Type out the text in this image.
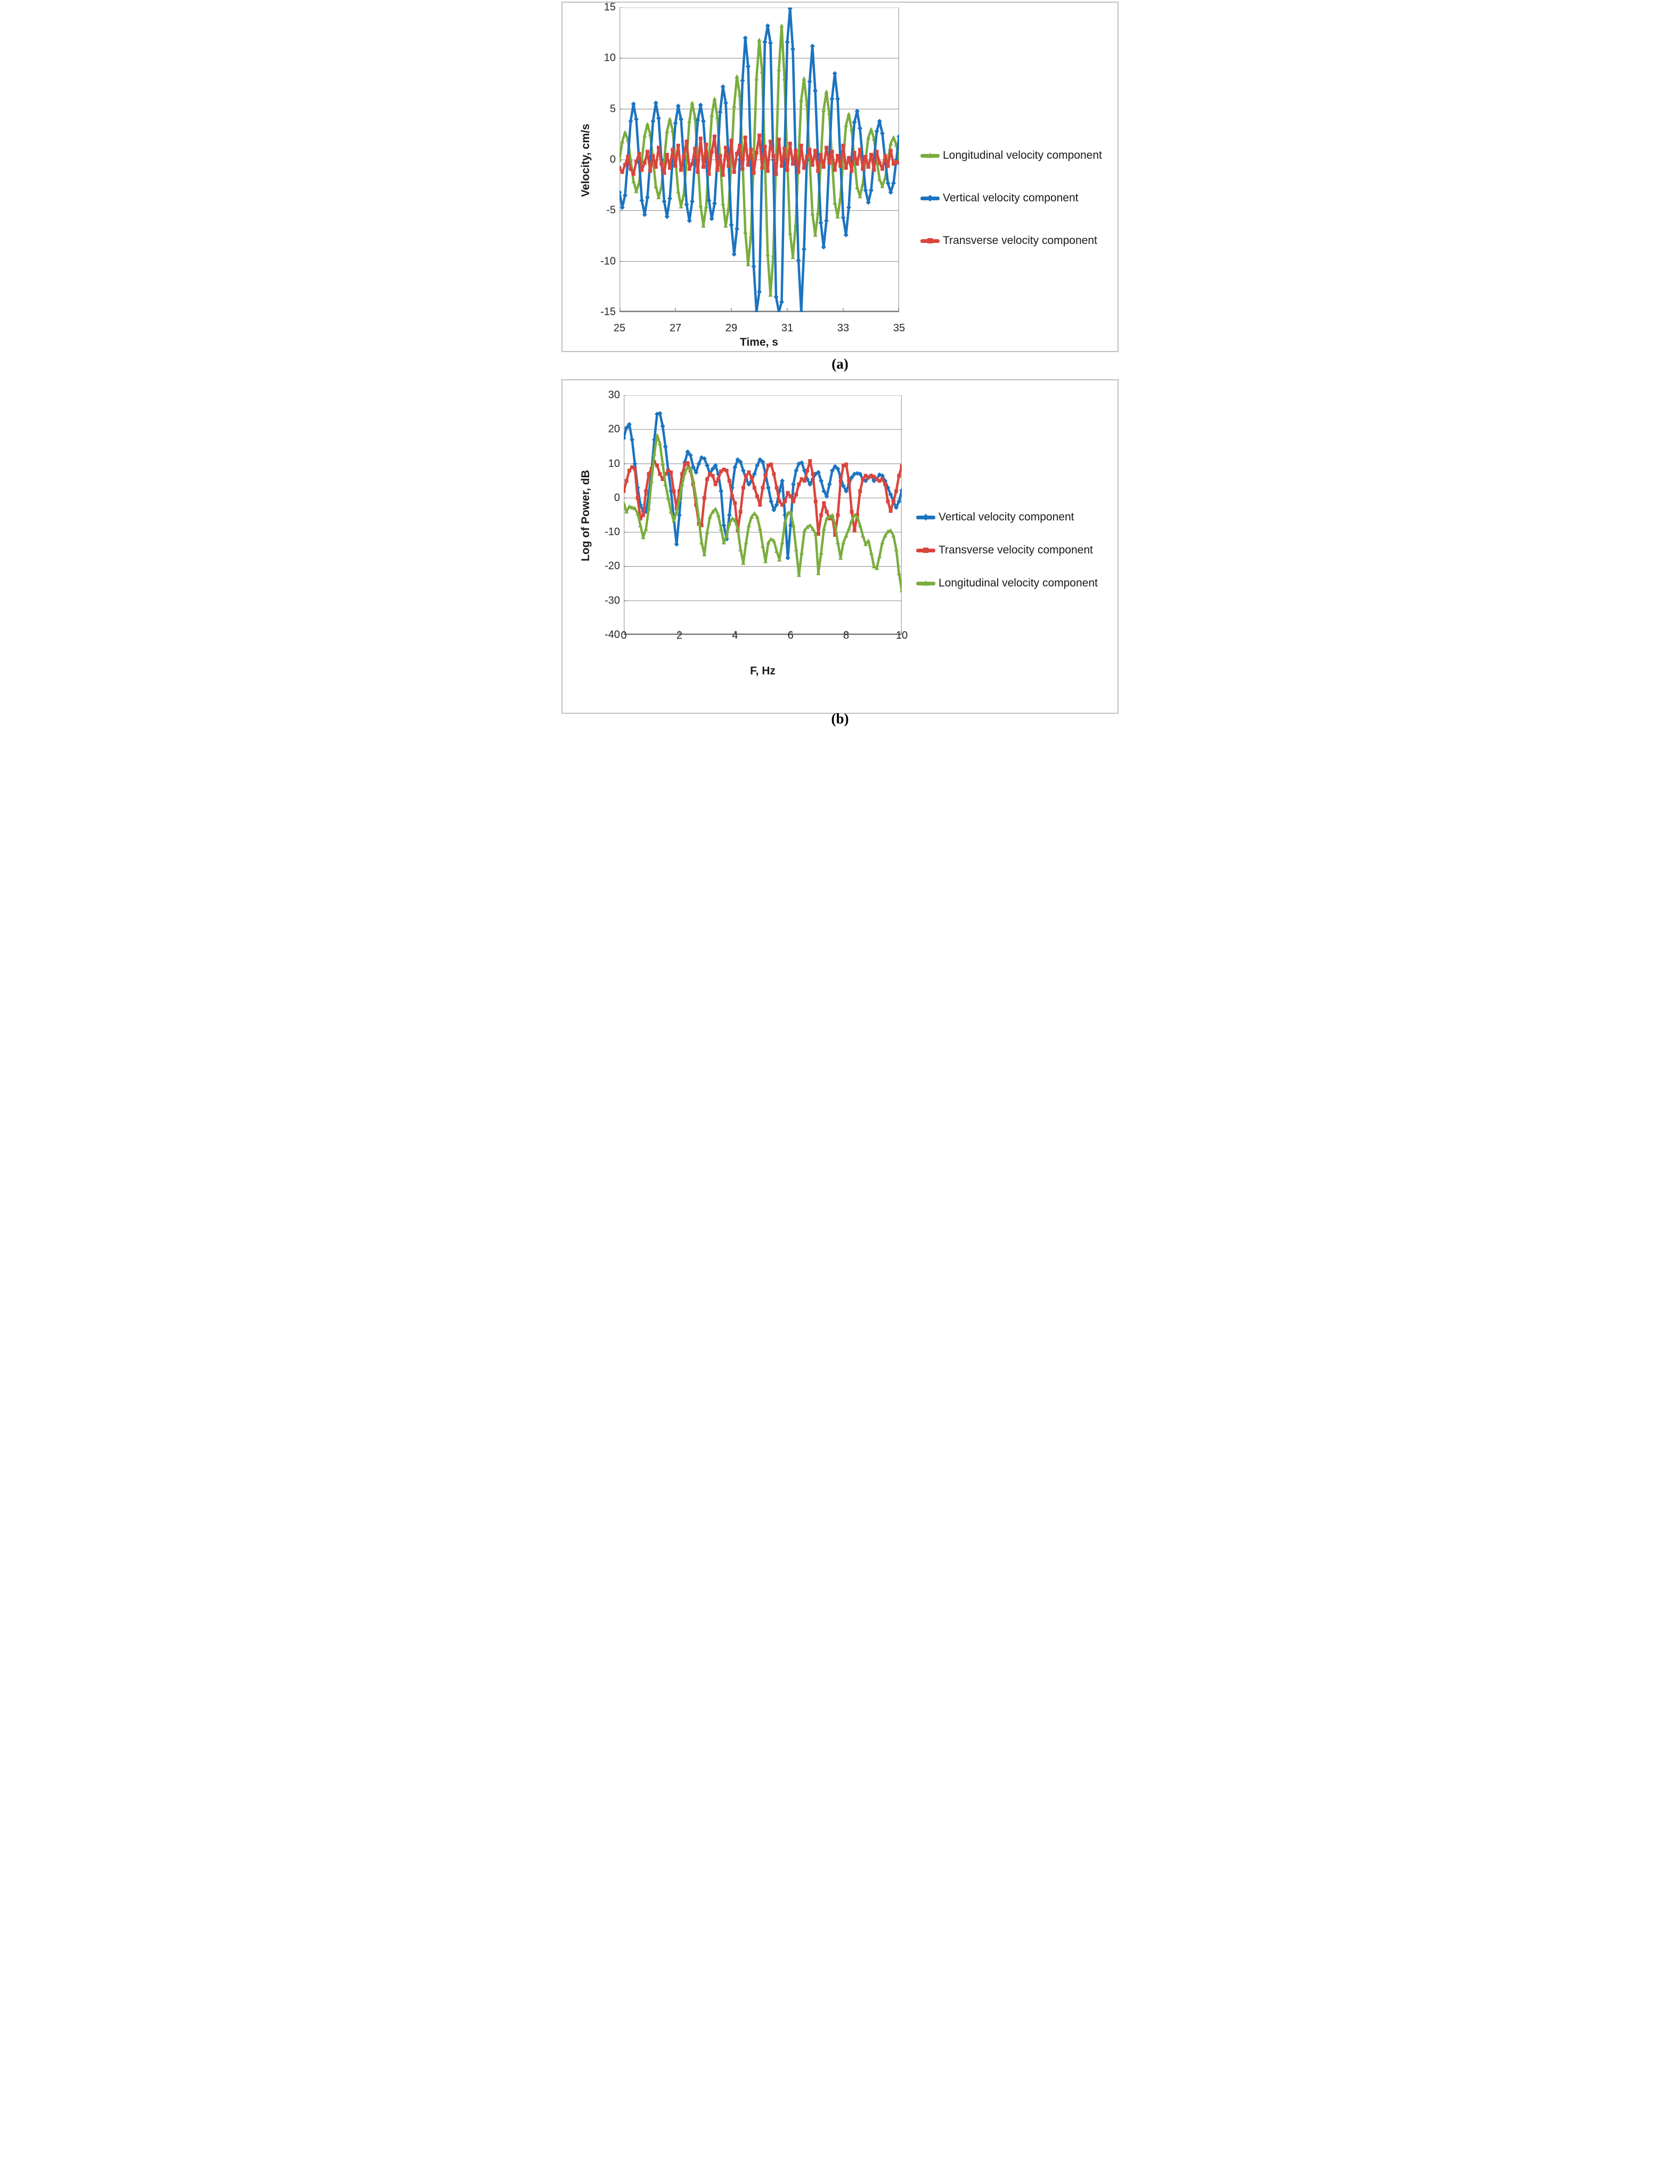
Velocity, cm/s
Time, s
15
10
5
0
-5
-10
-15
25	27	29	31	33	35
Longitudinal velocity component
Vertical velocity component
Transverse velocity component
(a)
Log of Power, dB
F, Hz
30
20
10
0
-10
-20
-30
-40 0	2	4	6	8	10
Vertical velocity component
Transverse velocity component
Longitudinal velocity component
(b)
